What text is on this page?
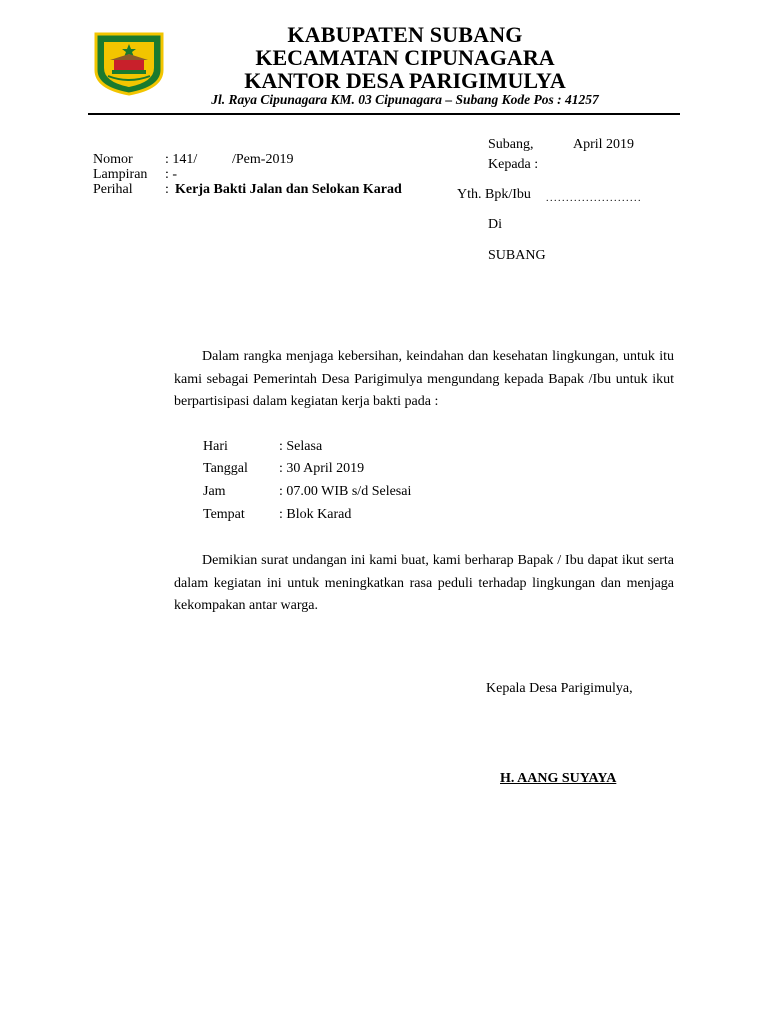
KABUPATEN SUBANG
KECAMATAN CIPUNAGARA
KANTOR DESA PARIGIMULYA
Jl. Raya Cipunagara KM. 03 Cipunagara – Subang Kode Pos : 41257
Nomor : 141/ /Pem-2019
Lampiran : -
Perihal : Kerja Bakti Jalan dan Selokan Karad
Subang,	April 2019
Kepada :
Yth. Bpk/Ibu ........................
Di
SUBANG
Dalam rangka menjaga kebersihan, keindahan dan kesehatan lingkungan, untuk itu kami sebagai Pemerintah Desa Parigimulya mengundang kepada Bapak /Ibu untuk ikut berpartisipasi dalam kegiatan kerja bakti pada :
Hari	: Selasa
Tanggal : 30 April 2019
Jam	: 07.00 WIB s/d Selesai
Tempat : Blok Karad
Demikian surat undangan ini kami buat, kami berharap Bapak / Ibu dapat ikut serta dalam kegiatan ini untuk meningkatkan rasa peduli terhadap lingkungan dan menjaga kekompakan antar warga.
Kepala Desa Parigimulya,
H. AANG SUYAYA
